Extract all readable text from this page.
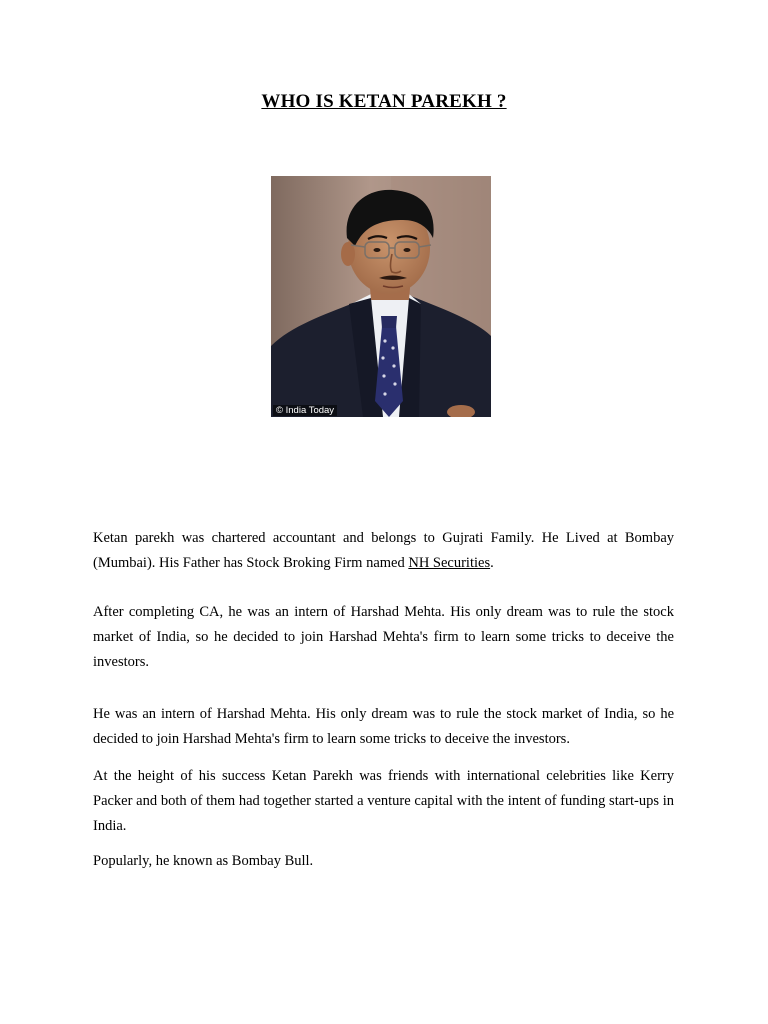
WHO IS KETAN PAREKH ?
© India Today

Ketan parekh was chartered accountant and belongs to Gujrati Family. He Lived at Bombay (Mumbai). His Father has Stock Broking Firm named NH Securities.

After completing CA, he was an intern of Harshad Mehta. His only dream was to rule the stock market of India, so he decided to join Harshad Mehta's firm to learn some tricks to deceive the investors.

He was an intern of Harshad Mehta. His only dream was to rule the stock market of India, so he decided to join Harshad Mehta's firm to learn some tricks to deceive the investors.

At the height of his success Ketan Parekh was friends with international celebrities like Kerry Packer and both of them had together started a venture capital with the intent of funding start-ups in India.

Popularly, he known as Bombay Bull.
